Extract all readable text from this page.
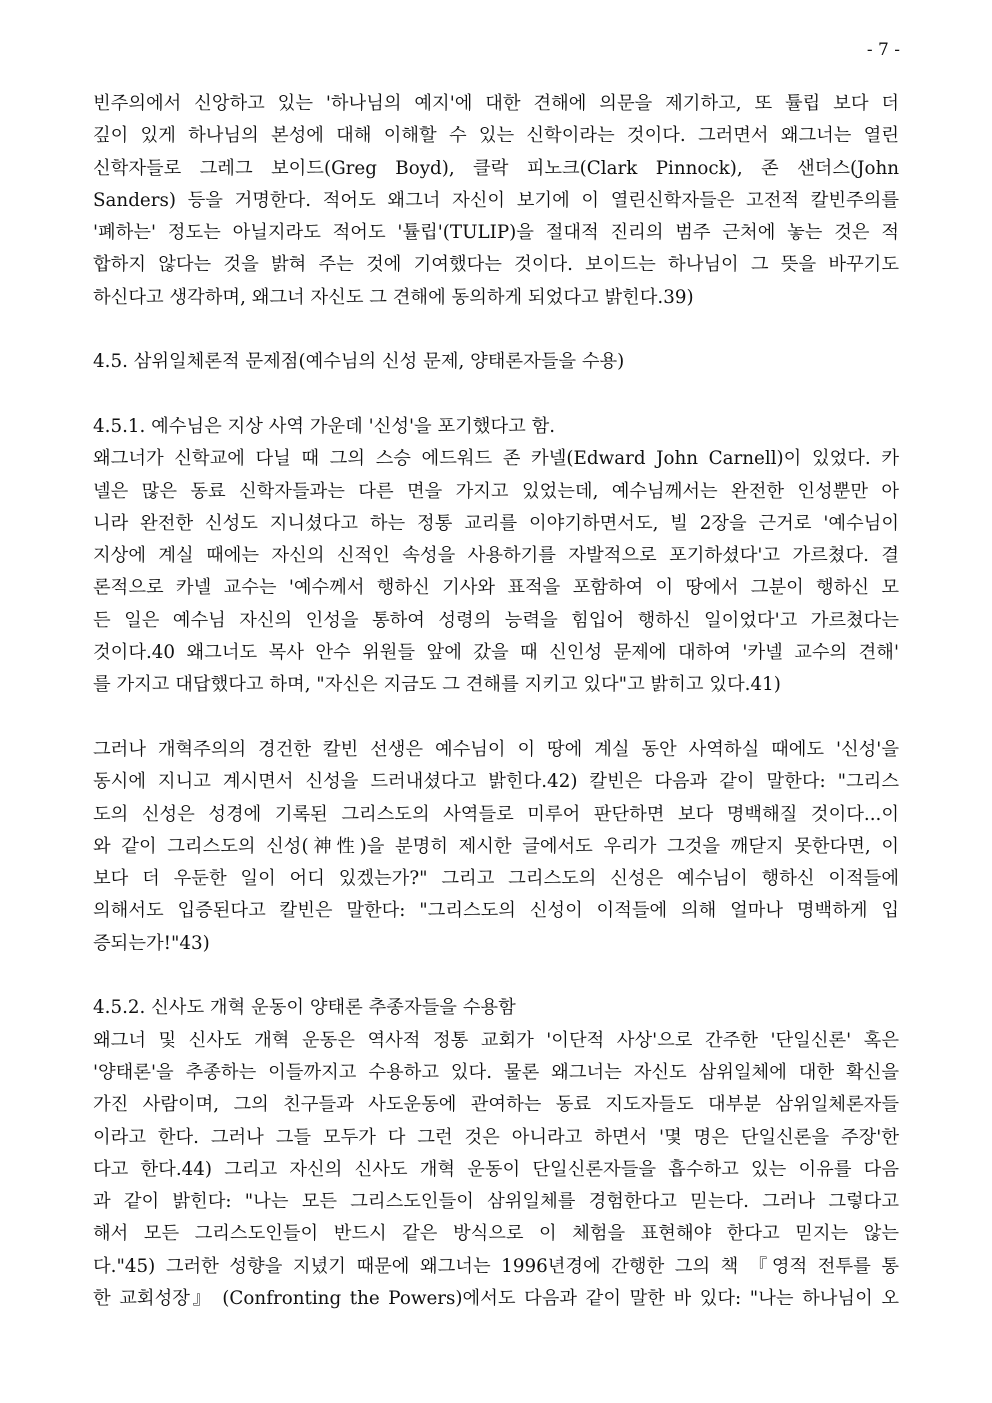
- 7 -
빈주의에서 신앙하고 있는 '하나님의 예지'에 대한 견해에 의문을 제기하고, 또 튤립 보다 더
깊이 있게 하나님의 본성에 대해 이해할 수 있는 신학이라는 것이다. 그러면서 왜그너는 열린
신학자들로 그레그 보이드(Greg Boyd), 클락 피노크(Clark Pinnock), 존 샌더스(John
Sanders) 등을 거명한다. 적어도 왜그너 자신이 보기에 이 열린신학자들은 고전적 칼빈주의를
'폐하는' 정도는 아닐지라도 적어도 '튤립'(TULIP)을 절대적 진리의 범주 근처에 놓는 것은 적
합하지 않다는 것을 밝혀 주는 것에 기여했다는 것이다. 보이드는 하나님이 그 뜻을 바꾸기도
하신다고 생각하며, 왜그너 자신도 그 견해에 동의하게 되었다고 밝힌다.39)
4.5. 삼위일체론적 문제점(예수님의 신성 문제, 양태론자들을 수용)
4.5.1. 예수님은 지상 사역 가운데 '신성'을 포기했다고 함.
왜그너가 신학교에 다닐 때 그의 스승 에드워드 존 카넬(Edward John Carnell)이 있었다. 카
넬은 많은 동료 신학자들과는 다른 면을 가지고 있었는데, 예수님께서는 완전한 인성뿐만 아
니라 완전한 신성도 지니셨다고 하는 정통 교리를 이야기하면서도, 빌 2장을 근거로 '예수님이
지상에 계실 때에는 자신의 신적인 속성을 사용하기를 자발적으로 포기하셨다'고 가르쳤다. 결
론적으로 카넬 교수는 '예수께서 행하신 기사와 표적을 포함하여 이 땅에서 그분이 행하신 모
든 일은 예수님 자신의 인성을 통하여 성령의 능력을 힘입어 행하신 일이었다'고 가르쳤다는
것이다.40 왜그너도 목사 안수 위원들 앞에 갔을 때 신인성 문제에 대하여 '카넬 교수의 견해'
를 가지고 대답했다고 하며, "자신은 지금도 그 견해를 지키고 있다"고 밝히고 있다.41)
그러나 개혁주의의 경건한 칼빈 선생은 예수님이 이 땅에 계실 동안 사역하실 때에도 '신성'을
동시에 지니고 계시면서 신성을 드러내셨다고 밝힌다.42) 칼빈은 다음과 같이 말한다: "그리스
도의 신성은 성경에 기록된 그리스도의 사역들로 미루어 판단하면 보다 명백해질 것이다...이
와 같이 그리스도의 신성(神性)을 분명히 제시한 글에서도 우리가 그것을 깨닫지 못한다면, 이
보다 더 우둔한 일이 어디 있겠는가?" 그리고 그리스도의 신성은 예수님이 행하신 이적들에
의해서도 입증된다고 칼빈은 말한다: "그리스도의 신성이 이적들에 의해 얼마나 명백하게 입
증되는가!"43)
4.5.2. 신사도 개혁 운동이 양태론 추종자들을 수용함
왜그너 및 신사도 개혁 운동은 역사적 정통 교회가 '이단적 사상'으로 간주한 '단일신론' 혹은
'양태론'을 추종하는 이들까지고 수용하고 있다. 물론 왜그너는 자신도 삼위일체에 대한 확신을
가진 사람이며, 그의 친구들과 사도운동에 관여하는 동료 지도자들도 대부분 삼위일체론자들
이라고 한다. 그러나 그들 모두가 다 그런 것은 아니라고 하면서 '몇 명은 단일신론을 주장'한
다고 한다.44) 그리고 자신의 신사도 개혁 운동이 단일신론자들을 흡수하고 있는 이유를 다음
과 같이 밝힌다: "나는 모든 그리스도인들이 삼위일체를 경험한다고 믿는다. 그러나 그렇다고
해서 모든 그리스도인들이 반드시 같은 방식으로 이 체험을 표현해야 한다고 믿지는 않는
다."45) 그러한 성향을 지녔기 때문에 왜그너는 1996년경에 간행한 그의 책 『영적 전투를 통
한 교회성장』 (Confronting the Powers)에서도 다음과 같이 말한 바 있다: "나는 하나님이 오
